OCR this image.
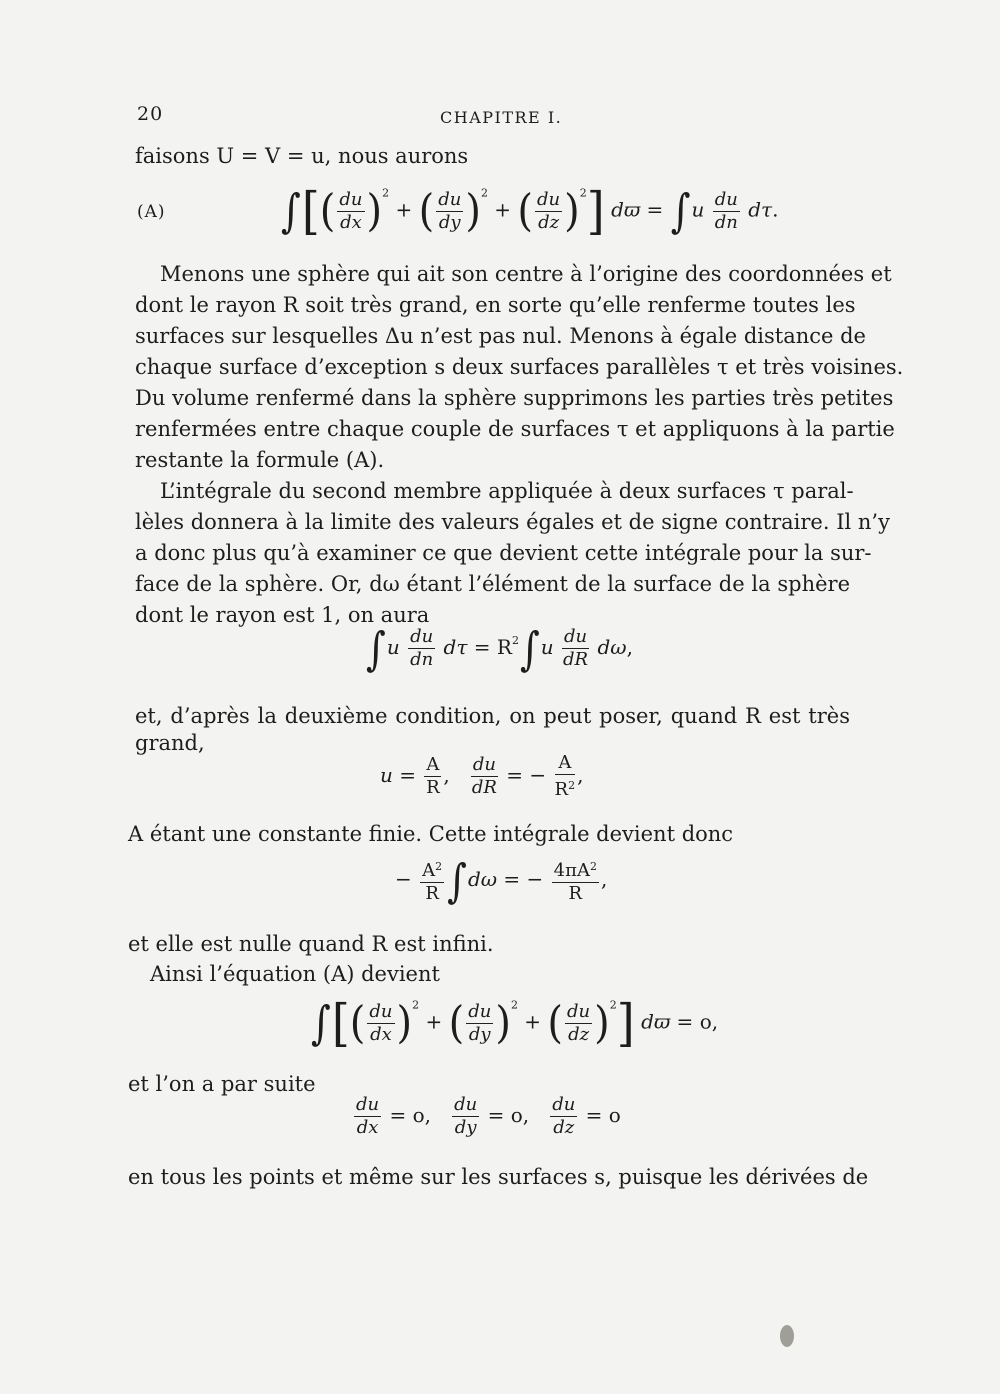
20	CHAPITRE I.
faisons U = V = u, nous aurons
(A)	∫[( $\frac{du}{dx} )^2$ + ( $\frac{du}{dy} )^2$ + ( $\frac{du}{dz} )^2$] $dϖ = \int u \frac{du}{dn} d\tau$.
Menons une sphère qui ait son centre à l’origine des coordonnées et
dont le rayon R soit très grand, en sorte qu’elle renferme toutes les
surfaces sur lesquelles Δu n’est pas nul. Menons à égale distance de
chaque surface d’exception s deux surfaces parallèles τ et très voisines.
Du volume renfermé dans la sphère supprimons les parties très petites
renfermées entre chaque couple de surfaces τ et appliquons à la partie
restante la formule (A).
L’intégrale du second membre appliquée à deux surfaces τ paral-
lèles donnera à la limite des valeurs égales et de signe contraire. Il n’y
a donc plus qu’à examiner ce que devient cette intégrale pour la sur-
face de la sphère. Or, dω étant l’élément de la surface de la sphère
dont le rayon est 1, on aura
$\int u \frac{du}{dn}$ $d\tau = R^2\int u \frac{du}{dR} d\omega$,
et, d’après la deuxième condition, on peut poser, quand R est très
grand,
$u = \frac{A}{R}$ , $\frac{du}{dR}$ = − $\frac{A}{R^2}$ ,
A étant une constante finie. Cette intégrale devient donc
− $\frac{A^2}{R} \int d\omega$ = − $\frac{4\pi A^2}{R}$ ,
et elle est nulle quand R est infini.
Ainsi l’équation (A) devient
∫[( $\frac{du}{dx} )^2$ + ( $\frac{du}{dy} )^2$ + ( $\frac{du}{dz} )^2$] dϖ = o,
et l’on a par suite
$\frac{du}{dx} = o$, $\frac{du}{dy} = o$, $\frac{du}{dz} = o$
en tous les points et même sur les surfaces s, puisque les dérivées de
